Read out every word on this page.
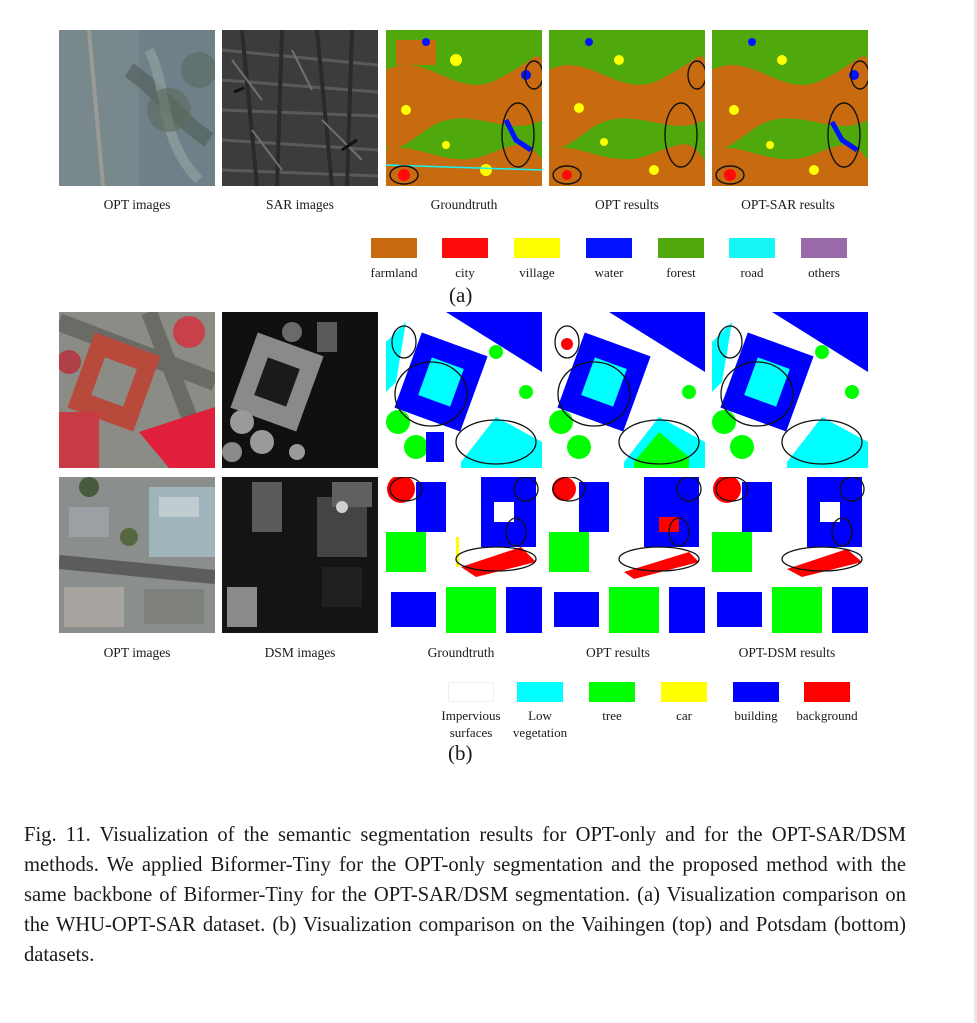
OPT images	SAR images	Groundtruth	OPT results	OPT-SAR results
farmland	city	village	water	forest	road	others
(a)
OPT images	DSM images	Groundtruth	OPT results	OPT-DSM results
Impervious
surfaces
Low
vegetation
tree	car	building	background
(b)
Fig. 11. Visualization of the semantic segmentation results for OPT-only and for the OPT-SAR/DSM methods. We applied Biformer-Tiny for the OPT-only segmentation and the proposed method with the same backbone of Biformer-Tiny for the OPT-SAR/DSM segmentation. (a) Visualization comparison on the WHU-OPT-SAR dataset. (b) Visualization comparison on the Vaihingen (top) and Potsdam (bottom) datasets.
